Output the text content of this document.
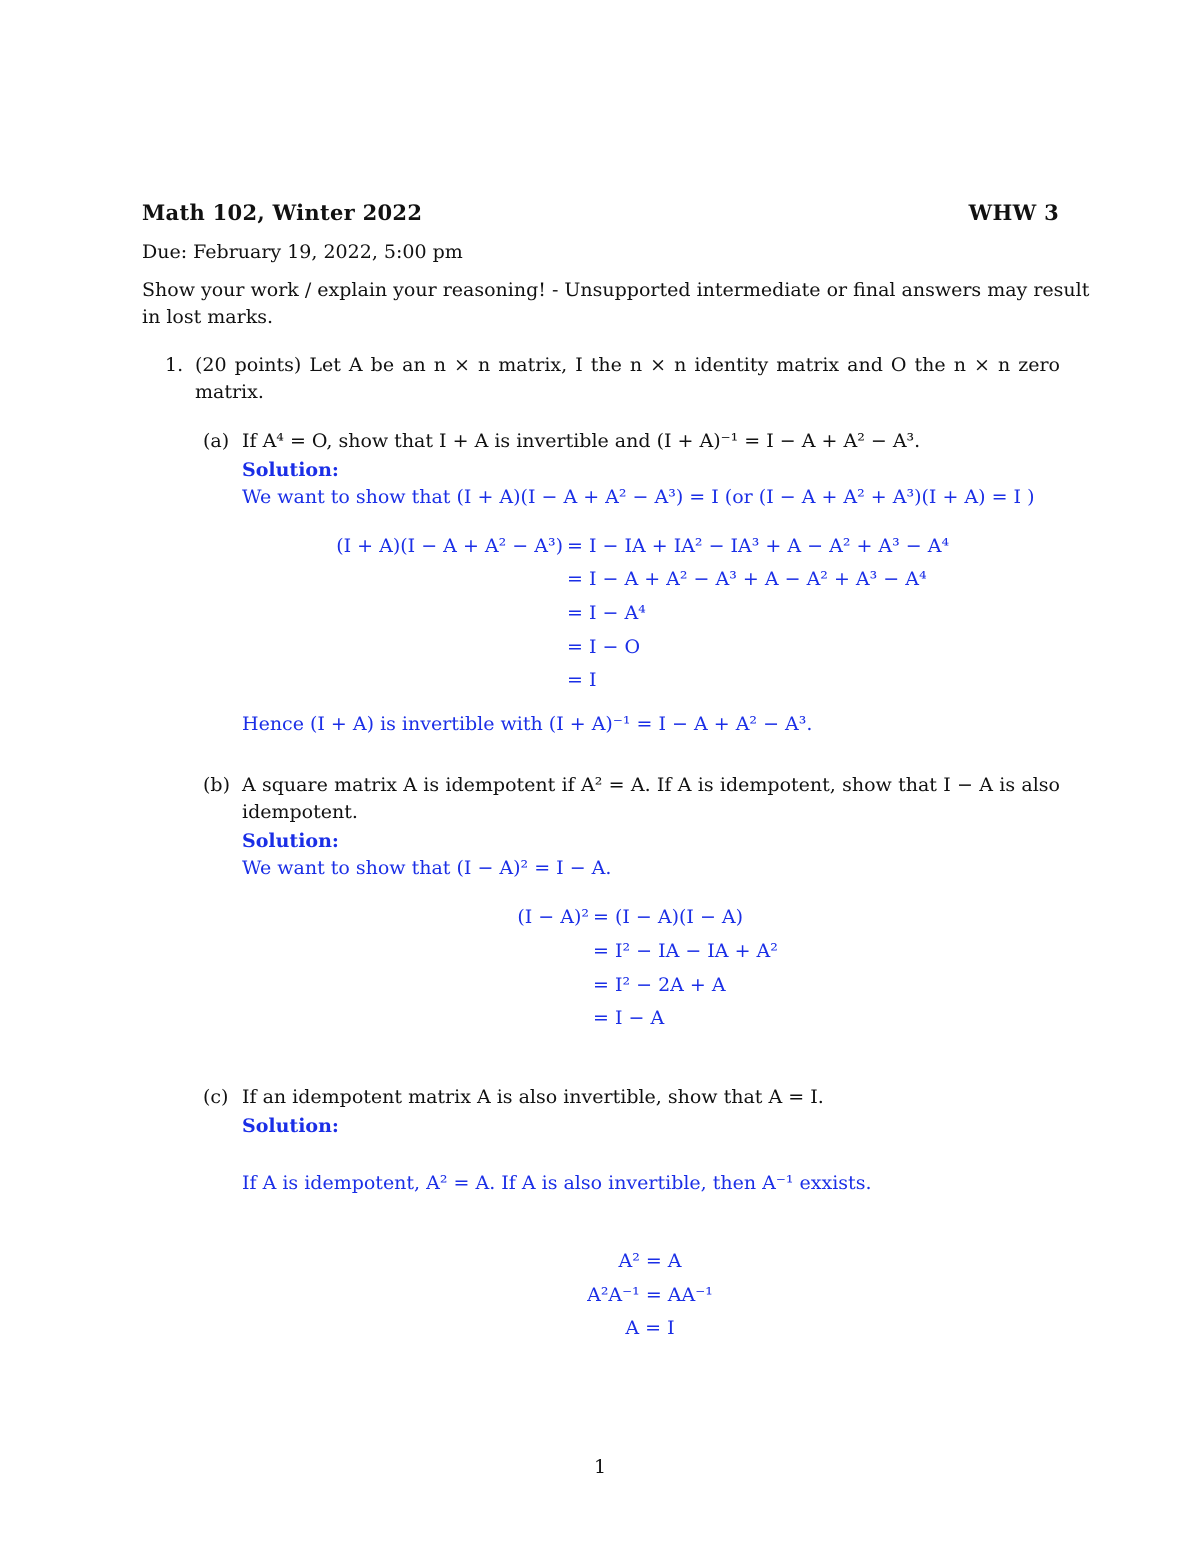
Math 102, Winter 2022	WHW 3
Due: February 19, 2022, 5:00 pm
Show your work / explain your reasoning! - Unsupported intermediate or final answers may result
in lost marks.
1. (20 points) Let A be an n × n matrix, I the n × n identity matrix and O the n × n zero
matrix.
(a) If A⁴ = O, show that I + A is invertible and (I + A)⁻¹ = I − A + A² − A³.
Solution:
We want to show that (I + A)(I − A + A² − A³) = I (or (I − A + A² + A³)(I + A) = I )
(I + A)(I − A + A² − A³) = I − IA + IA² − IA³ + A − A² + A³ − A⁴
= I − A + A² − A³ + A − A² + A³ − A⁴
= I − A⁴
= I − O
= I
Hence (I + A) is invertible with (I + A)⁻¹ = I − A + A² − A³.
(b) A square matrix A is idempotent if A² = A. If A is idempotent, show that I − A is also
idempotent.
Solution:
We want to show that (I − A)² = I − A.
(I − A)² = (I − A)(I − A)
= I² − IA − IA + A²
= I² − 2A + A
= I − A
(c) If an idempotent matrix A is also invertible, show that A = I.
Solution:
If A is idempotent, A² = A. If A is also invertible, then A⁻¹ exxists.
A² = A
A²A⁻¹ = AA⁻¹
A = I
1
